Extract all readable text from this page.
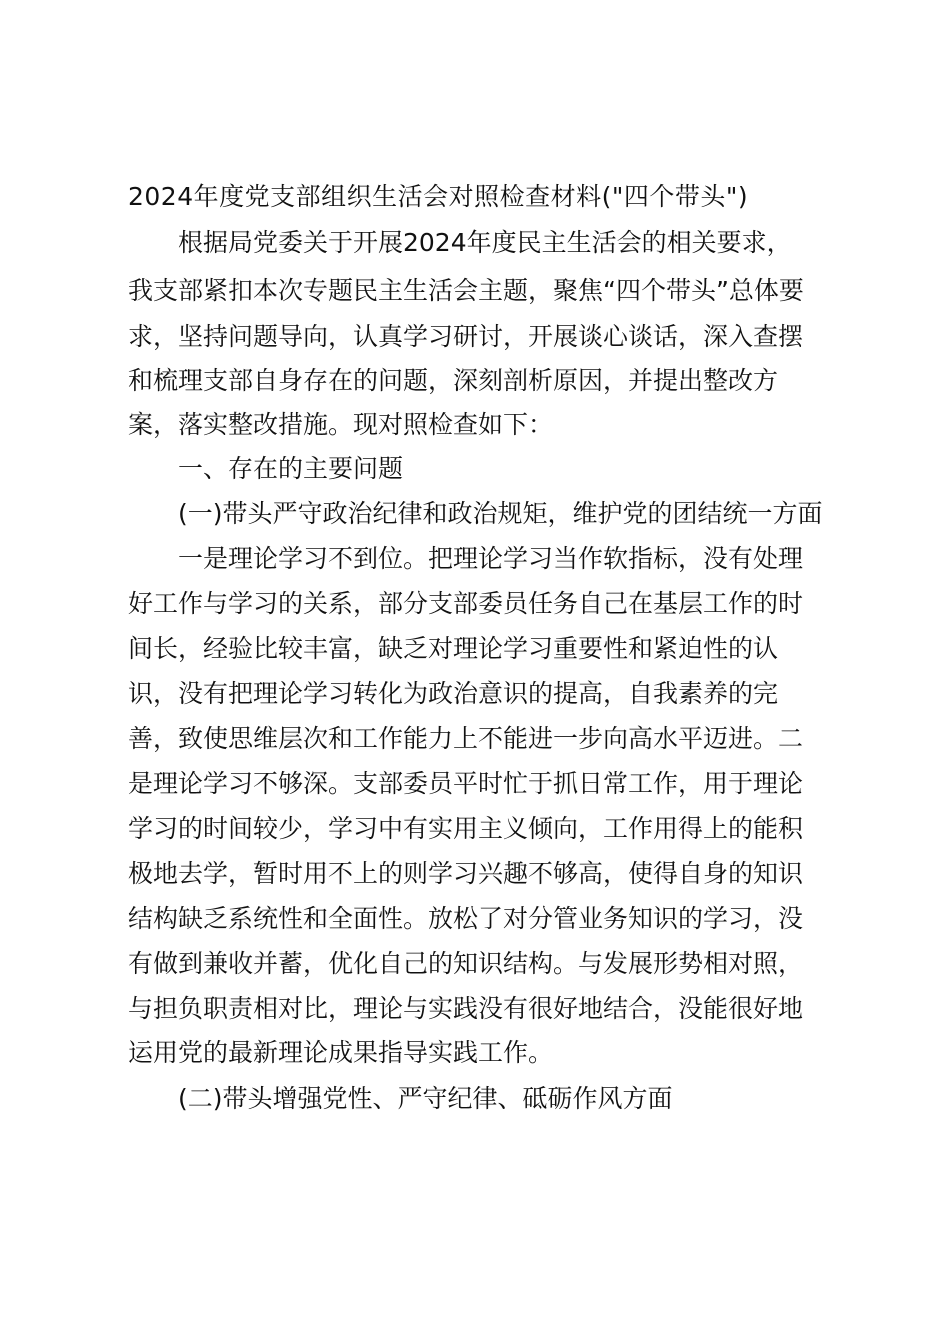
2024年度党支部组织生活会对照检查材料("四个带头")
根据局党委关于开展2024年度民主生活会的相关要求，
我支部紧扣本次专题民主生活会主题，聚焦“四个带头”总体要
求，坚持问题导向，认真学习研讨，开展谈心谈话，深入查摆
和梳理支部自身存在的问题，深刻剖析原因，并提出整改方
案，落实整改措施。现对照检查如下：
一、存在的主要问题
(一)带头严守政治纪律和政治规矩，维护党的团结统一方面
一是理论学习不到位。把理论学习当作软指标，没有处理
好工作与学习的关系，部分支部委员任务自己在基层工作的时
间长，经验比较丰富，缺乏对理论学习重要性和紧迫性的认
识，没有把理论学习转化为政治意识的提高，自我素养的完
善，致使思维层次和工作能力上不能进一步向高水平迈进。二
是理论学习不够深。支部委员平时忙于抓日常工作，用于理论
学习的时间较少，学习中有实用主义倾向，工作用得上的能积
极地去学，暂时用不上的则学习兴趣不够高，使得自身的知识
结构缺乏系统性和全面性。放松了对分管业务知识的学习，没
有做到兼收并蓄，优化自己的知识结构。与发展形势相对照，
与担负职责相对比，理论与实践没有很好地结合，没能很好地
运用党的最新理论成果指导实践工作。
(二)带头增强党性、严守纪律、砥砺作风方面
